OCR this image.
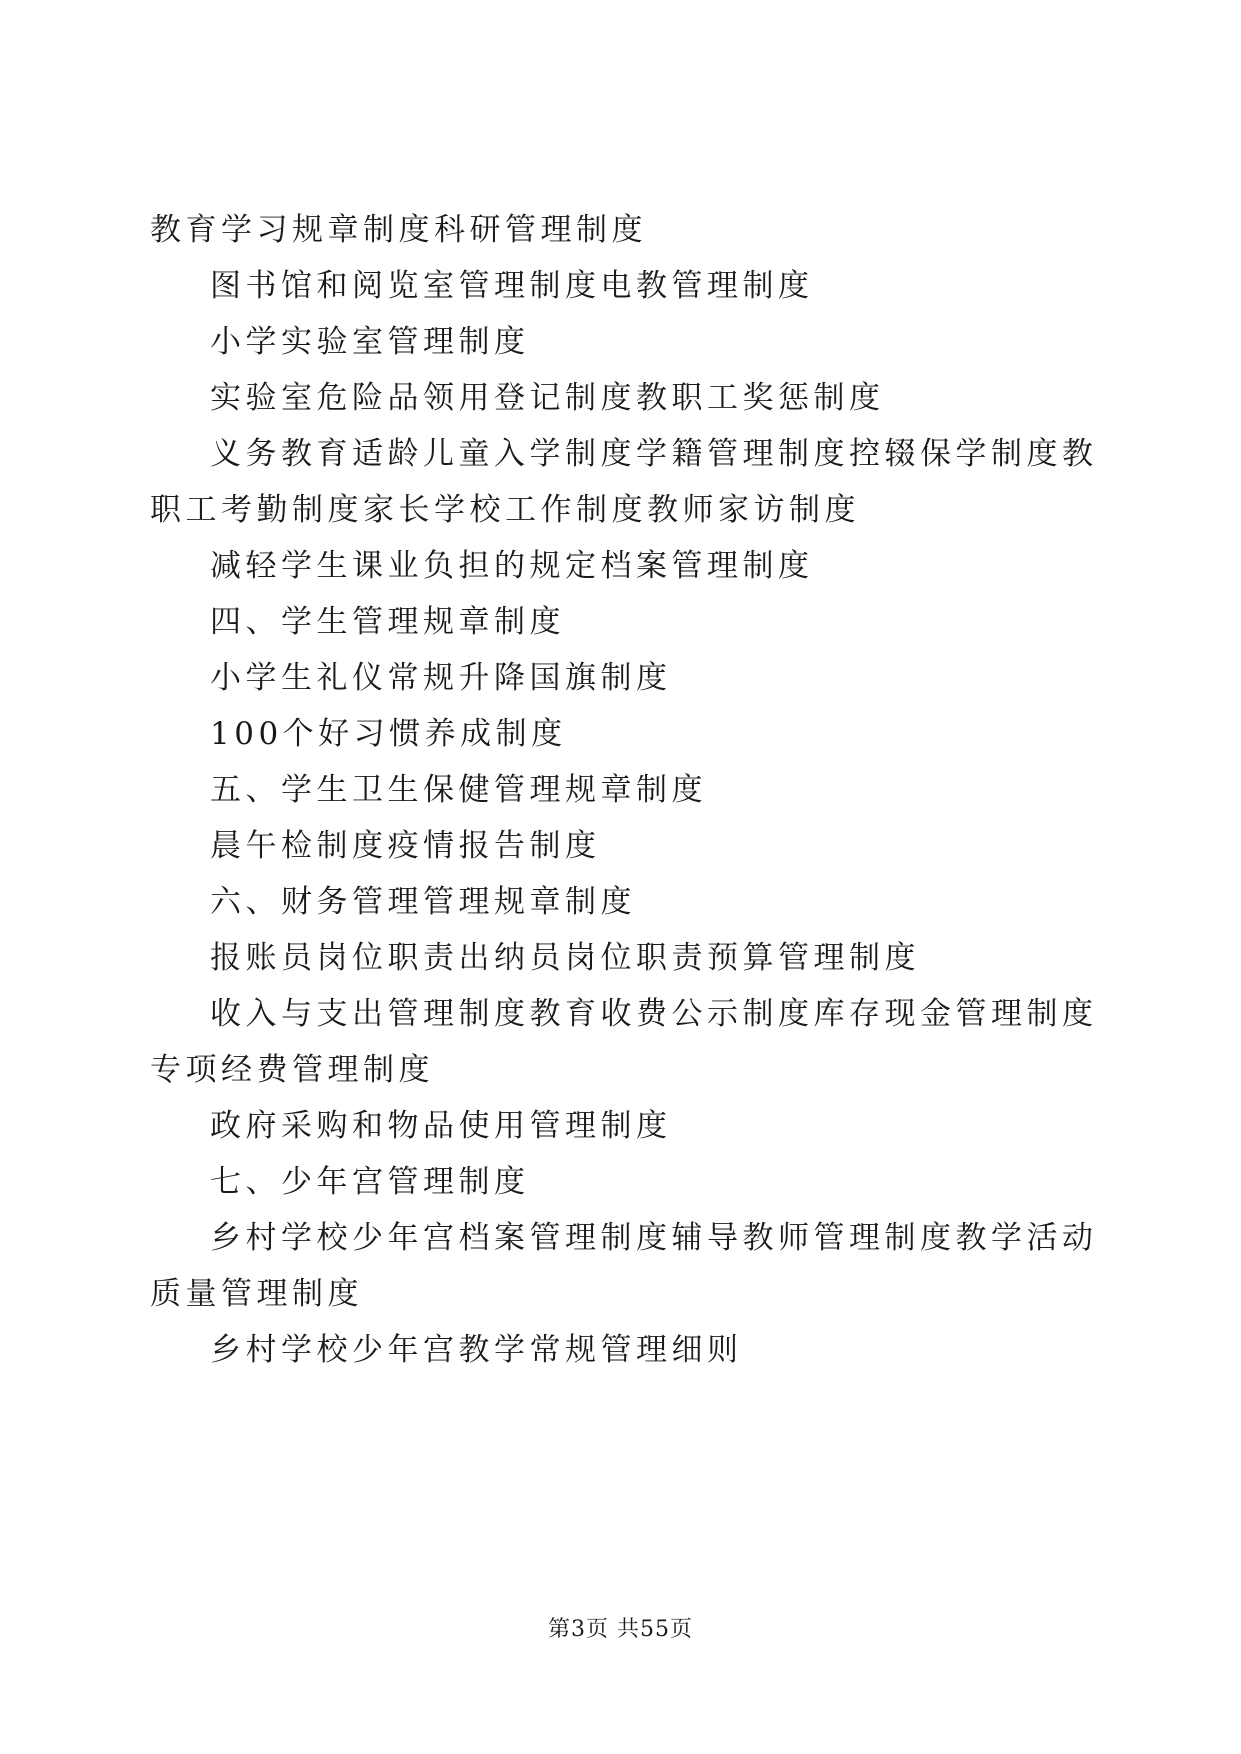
教育学习规章制度科研管理制度
图书馆和阅览室管理制度电教管理制度
小学实验室管理制度
实验室危险品领用登记制度教职工奖惩制度
义务教育适龄儿童入学制度学籍管理制度控辍保学制度教
职工考勤制度家长学校工作制度教师家访制度
减轻学生课业负担的规定档案管理制度
四、学生管理规章制度
小学生礼仪常规升降国旗制度
100个好习惯养成制度
五、学生卫生保健管理规章制度
晨午检制度疫情报告制度
六、财务管理管理规章制度
报账员岗位职责出纳员岗位职责预算管理制度
收入与支出管理制度教育收费公示制度库存现金管理制度
专项经费管理制度
政府采购和物品使用管理制度
七、少年宫管理制度
乡村学校少年宫档案管理制度辅导教师管理制度教学活动
质量管理制度
乡村学校少年宫教学常规管理细则
第3页 共55页
